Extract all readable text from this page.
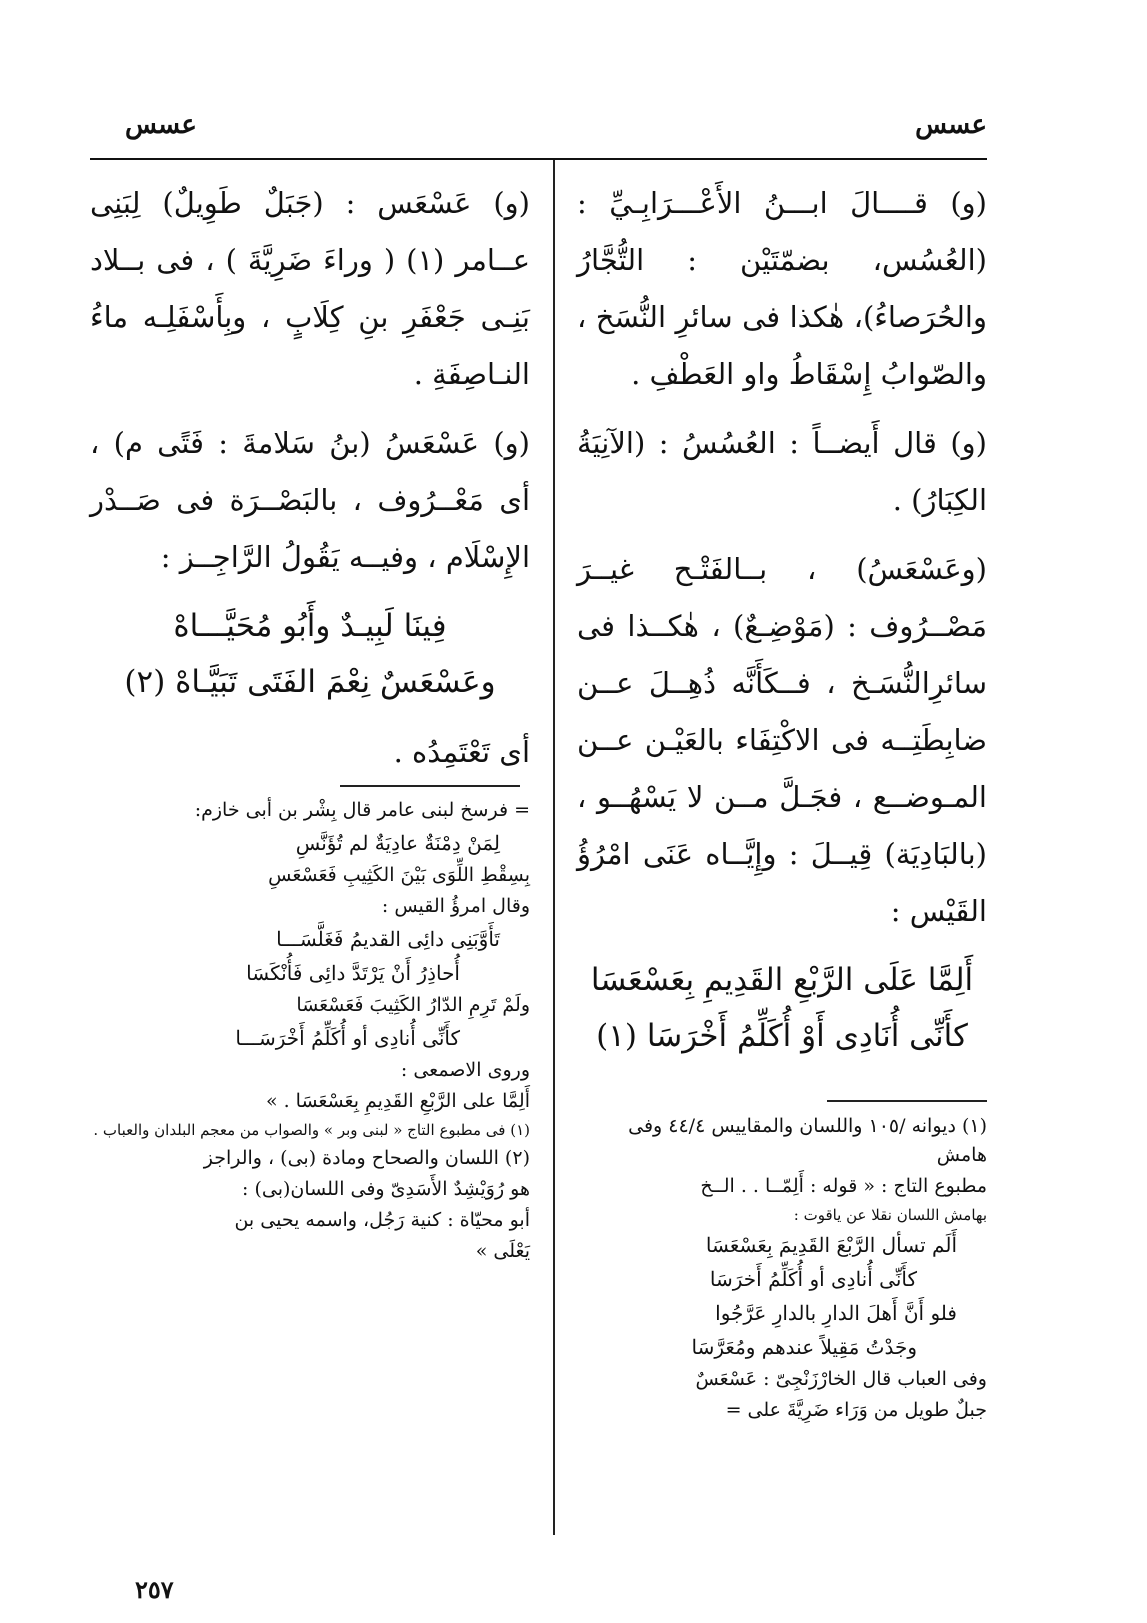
عسس
عسس

(و) قــــالَ ابـــنُ الأَعْـــرَابِـيِّ : (العُسُس، بضمّتَيْن : التُّجَّارُ والحُرَصاءُ)، هٰكذا فى سائرِ النُّسَخ ، والصّوابُ إِسْقَاطُ واو العَطْفِ .

(و) قال أَيضــاً : العُسُسُ : (الآنِيَةُ الكِبَارُ) .

(وعَسْعَسُ) ، بــالفَتْـح غيــرَ مَصْــرُوف : (مَوْضِـعٌ) ، هٰكــذا فى سائرِالنُّسَـخ ، فــكَأَنَّه ذُهِــلَ عــن ضابِطَتِــه فى الاكْتِفَاء بالعَيْـن عــن المـوضــع ، فجَـلَّ مــن لا يَسْهُــو ، (بالبَادِيَة) قِيــلَ : وإِيَّــاه عَنَى امْرُؤُ القَيْس :

أَلِمَّا عَلَى الرَّبْعِ القَدِيمِ بِعَسْعَسَا
كأَنِّى أُنَادِى أَوْ أُكَلِّمُ أَخْرَسَا (١)

(و) عَسْعَس : (جَبَلٌ طَوِيلٌ) لِبَنِى عــامر (١) ( وراءَ ضَرِيَّةَ ) ، فى بــلاد بَنِـى جَعْفَرِ بنِ كِلَابٍ ، وبِأَسْفَلِـه ماءُ النـاصِفَةِ .

(و) عَسْعَسُ (بنُ سَلامةَ : فَتًى م) ، أى مَعْــرُوف ، بالبَصْــرَة فى صَــدْر الإِسْلَام ، وفيــه يَقُولُ الرَّاجِــز :

فِينَا لَبِيـدٌ وأَبُو مُحَيَّـــاهْ
وعَسْعَسٌ نِعْمَ الفَتَى تَبَيَّـاهْ (٢)

أى تَعْتَمِدُه .

(١) ديوانه /١٠٥ واللسان والمقاييس ٤٤/٤ وفى هامش

مطبوع التاج : « قوله : أَلِمّــا . . الــخ

بهامش اللسان نقلا عن ياقوت :

أَلَم تسأل الرَّبْعَ القَدِيمَ بِعَسْعَسَا

كأَنِّى أُنادِى أو أُكَلِّمُ أَخرَسَا

فلو أَنَّ أَهلَ الدارِ بالدارِ عَرَّجُوا

وجَدْتُ مَقِيلاً عندهم ومُعَرَّسَا

وفى العباب قال الخارْزَنْجِىّ : عَسْعَسٌ

جبلٌ طويل من وَرَاء ضَرِيَّةَ على =

= فرسخ لبنى عامر قال بِشْر بن أبى خازم:

لِمَنْ دِمْنَةٌ عادِيَةٌ لم تُؤَنَّسِ

بِسِقْطِ اللِّوَى بَيْنَ الكَثِيبِ فَعَسْعَسِ

وقال امرؤُ القيس :

تَأَوَّبَنِى دائِى القديمُ فَغَلَّسَـــا

أُحاذِرُ أَنْ يَرْتَدَّ دائِى فَأُنْكَسَا

ولَمْ تَرِمِ الدّارُ الكَثِيبَ فَعَسْعَسَا

كأَنِّى أُنادِى أو أُكَلِّمُ أَخْرَسَـــا

وروى الاصمعى :

أَلِمَّا على الرَّبْعِ القَدِيمِ بِعَسْعَسَا . »

(١) فى مطبوع التاج « لبنى وبر » والصواب من معجم البلدان والعباب .

(٢) اللسان والصحاح ومادة (بى) ، والراجز

هو رُوَيْشِدٌ الأَسَدِىّ وفى اللسان(بى) :

أبو محيّاة : كنية رَجُل، واسمه يحيى بن

يَعْلَى »

٢٥٧
